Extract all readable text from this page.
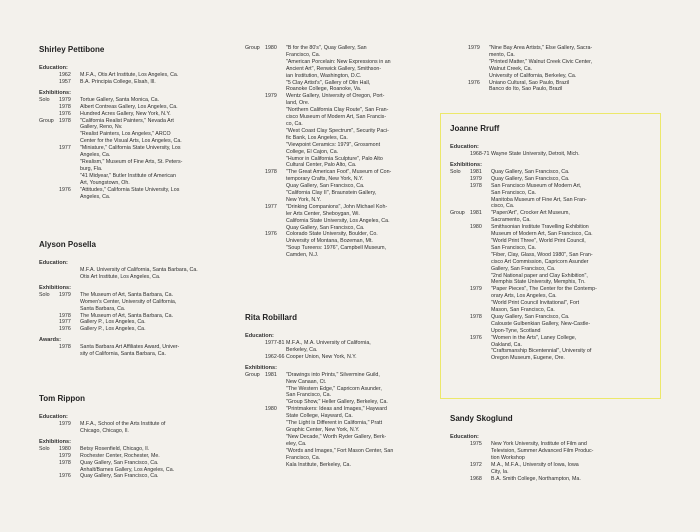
Shirley Pettibone
Education:
1962	M.F.A., Otis Art Institute, Los Angeles, Ca.
1957	B.A. Principia College, Elsah, Ill.
Exhibitions:
Solo	1979	Tortue Gallery, Santa Monica, Ca.
1978	Albert Contreas Gallery, Los Angeles, Ca.
1976	Hundred Acres Gallery, New York, N.Y.
Group 1978	"California Realist Painters," Nevada Art
Gallery, Reno, Nv.
"Realist Painters, Los Angeles," ARCO
Center for the Visual Arts, Los Angeles, Ca.
1977	"Miniature," California State University, Los
Angeles, Ca.
"Realism," Museum of Fine Arts, St. Peters-
burg, Fla.
"41 Midyear," Butler Institute of American
Art, Youngstown, Oh.
1976	"Attitudes," California State University, Los
Angeles, Ca.
Alyson Posella
Education:
M.F.A. University of California, Santa Barbara, Ca.
Otis Art Institute, Los Angeles, Ca.
Exhibitions:
Solo	1979	The Museum of Art, Santa Barbara, Ca.
Women's Center, University of California,
Santa Barbara, Ca.
1978	The Museum of Art, Santa Barbara, Ca.
1977	Gallery P., Los Angeles, Ca.
1976	Gallery P., Los Angeles, Ca.
Awards:
1978	Santa Barbara Art Affiliates Award, Univer-
sity of California, Santa Barbara, Ca.
Tom Rippon
Education:
1979	M.F.A., School of the Arts Institute of
Chicago, Chicago, Il.
Exhibitions:
Solo	1980	Betsy Rosenfield, Chicago, Il.
1979	Rochester Center, Rochester, Me.
1978	Quay Gallery, San Francisco, Ca.
Anhalt/Barnes Gallery, Los Angeles, Ca.
1976	Quay Gallery, San Francisco, Ca.
Group 1980	"B for the 80's", Quay Gallery, San
Francisco, Ca.
"American Porcelain: New Expressions in an
Ancient Art", Renwick Gallery, Smithson-
ian Institution, Washington, D.C.
"5 Clay Artist's", Gallery of Olin Hall,
Roanoke College, Roanoke, Va.
1979	Wentz Gallery, University of Oregon, Port-
land, Ore.
"Northern California Clay Route", San Fran-
cisco Museum of Modern Art, San Francis-
co, Ca.
"West Coast Clay Spectrum", Security Paci-
fic Bank, Los Angeles, Ca.
"Viewpoint Ceramics: 1979", Grossmont
College, El Cajon, Ca.
"Humor in California Sculpture", Palo Alto
Cultural Center, Palo Alto, Ca.
1978	"The Great American Foot", Museum of Con-
temporary Crafts, New York, N.Y.
Quay Gallery, San Francisco, Ca.
"California Clay II", Braunstein Gallery,
New York, N.Y.
1977	"Drinking Companions", John Michael Koh-
ler Arts Center, Sheboygan, Wi.
California State University, Los Angeles, Ca.
Quay Gallery, San Francisco, Ca.
1976	Colorado State University, Boulder, Co.
University of Montana, Bozeman, Mt.
"Soup Tureens: 1976", Campbell Museum,
Camden, N.J.
Rita Robillard
Education:
1977-81 M.F.A., M.A. University of California,
Berkeley, Ca.
1962-66 Cooper Union, New York, N.Y.
Exhibitions:
Group 1981	"Drawings into Prints," Silvermine Guild,
New Canaan, Ct.
"The Western Edge," Capricorn Asunder,
San Francisco, Ca.
"Group Show," Heller Gallery, Berkeley, Ca.
1980	"Printmakers: Ideas and Images," Hayward
State College, Hayward, Ca.
"The Light is Different in California," Pratt
Graphic Center, New York, N.Y.
"New Decade," Worth Ryder Gallery, Berk-
eley, Ca.
"Words and Images," Fort Mason Center, San
Francisco, Ca.
Kala Institute, Berkeley, Ca.
1979	"Nine Bay Area Artists," Else Gallery, Sacra-
mento, Ca.
"Printed Matter," Walnut Creek Civic Center,
Walnut Creek, Ca.
University of California, Berkeley, Ca.
1976	Uniano Cultural, Sao Paulo, Brazil
Banco do Ito, Sao Paulo, Brazil
Joanne Rruff
Education:
1968-71 Wayne State University, Detroit, Mich.
Exhibitions:
Solo	1981	Quay Gallery, San Francisco, Ca.
1979	Quay Gallery, San Francisco, Ca.
1978	San Francisco Museum of Modern Art,
San Francisco, Ca.
Manitoba Museum of Fine Art, San Fran-
cisco, Ca.
Group 1981	"Paper/Art", Crocker Art Museum,
Sacramento, Ca.
1980	Smithsonian Institute Travelling Exhibition
Museum of Modern Art, San Francisco, Ca.
"World Print Three", World Print Council,
San Francisco, Ca.
"Fiber, Clay, Glass, Wood 1980", San Fran-
cisco Art Commission, Capricorn Asunder
Gallery, San Francisco, Ca.
"2nd National paper and Clay Exhibition",
Memphis State University, Memphis, Tn.
1979	"Paper Pieces", The Center for the Contemp-
orary Arts, Los Angeles, Ca.
"World Print Council Invitational", Fort
Mason, San Francisco, Ca.
1978	Quay Gallery, San Francisco, Ca.
Calouste Gulbenkian Gallery, New-Castle-
Upon-Tyne, Scotland
1976	"Women in the Arts", Laney College,
Oakland, Ca.
"Craftsmanship Bicentennial", University of
Oregon Museum, Eugene, Ore.
Sandy Skoglund
Education:
1975	New York University, Institute of Film and
Television, Summer Advanced Film Produc-
tion Workshop
1972	M.A., M.F.A., University of Iowa, Iowa
City, Ia.
1968	B.A. Smith College, Northampton, Ma.
